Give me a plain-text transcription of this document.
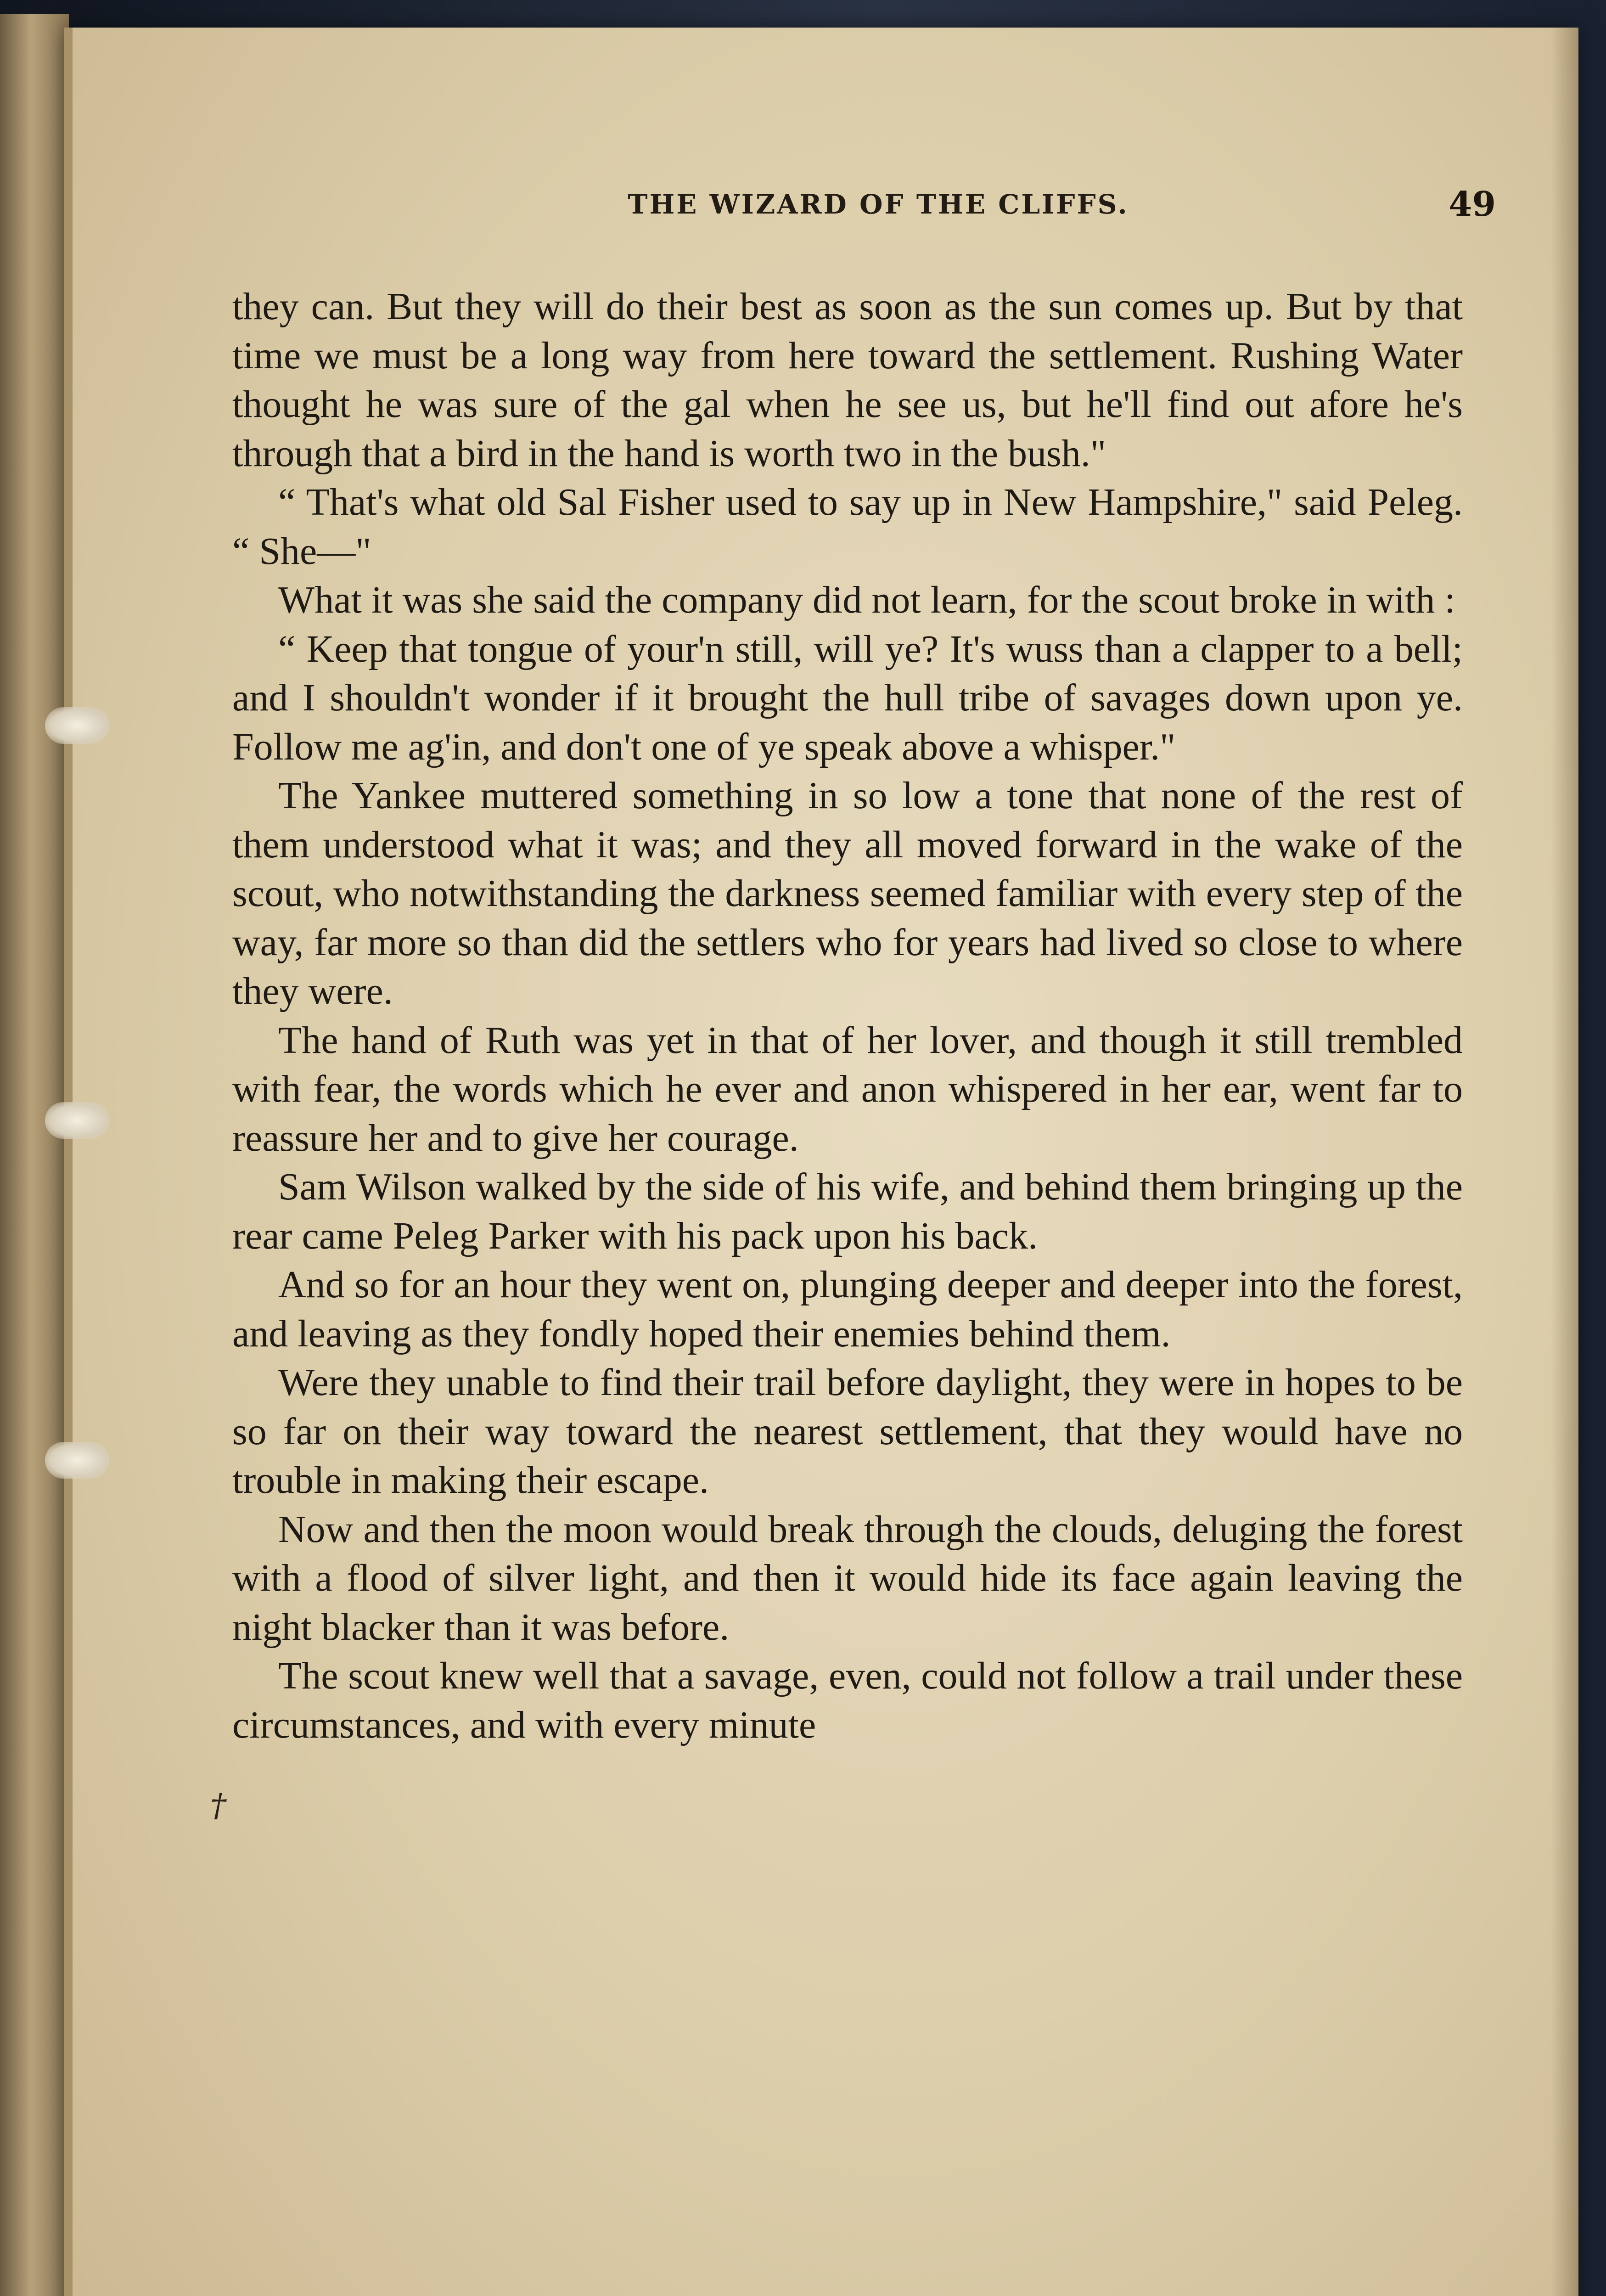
THE WIZARD OF THE CLIFFS.	49

they can. But they will do their best as soon as the sun comes up. But by that time we must be a long way from here toward the settlement. Rushing Water thought he was sure of the gal when he see us, but he'll find out afore he's through that a bird in the hand is worth two in the bush."

“ That's what old Sal Fisher used to say up in New Hampshire," said Peleg. “ She—"

What it was she said the company did not learn, for the scout broke in with :

“ Keep that tongue of your'n still, will ye? It's wuss than a clapper to a bell; and I shouldn't wonder if it brought the hull tribe of savages down upon ye. Follow me ag'in, and don't one of ye speak above a whisper."

The Yankee muttered something in so low a tone that none of the rest of them understood what it was; and they all moved forward in the wake of the scout, who notwithstanding the darkness seemed familiar with every step of the way, far more so than did the settlers who for years had lived so close to where they were.

The hand of Ruth was yet in that of her lover, and though it still trembled with fear, the words which he ever and anon whispered in her ear, went far to reassure her and to give her courage.

Sam Wilson walked by the side of his wife, and behind them bringing up the rear came Peleg Parker with his pack upon his back.

And so for an hour they went on, plunging deeper and deeper into the forest, and leaving as they fondly hoped their enemies behind them.

Were they unable to find their trail before daylight, they were in hopes to be so far on their way toward the nearest settlement, that they would have no trouble in making their escape.

Now and then the moon would break through the clouds, deluging the forest with a flood of silver light, and then it would hide its face again leaving the night blacker than it was before.

The scout knew well that a savage, even, could not follow a trail under these circumstances, and with every minute

†
